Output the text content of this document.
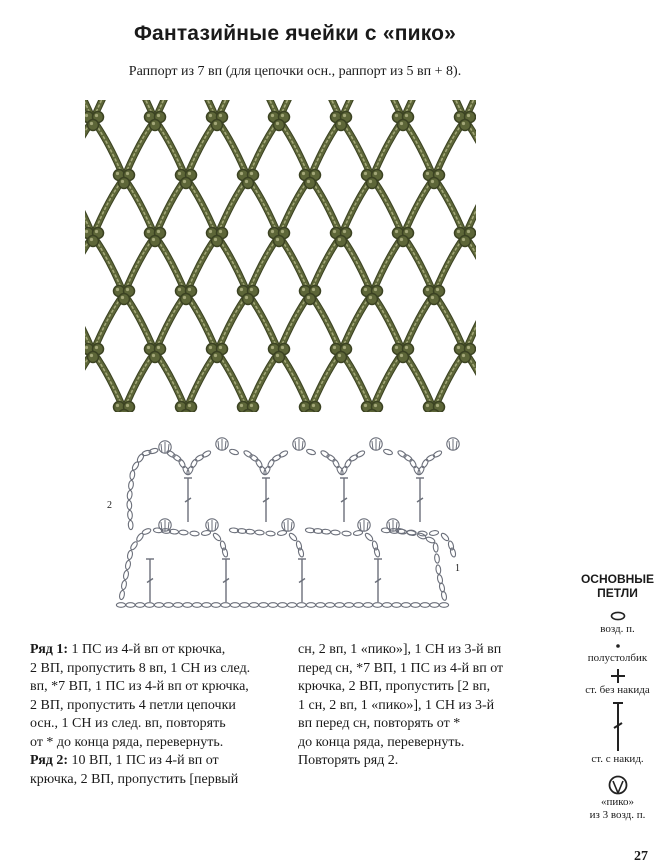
Фантазийные ячейки с «пико»
Раппорт из 7 вп (для цепочки осн., раппорт из 5 вп + 8).
2
1
Ряд 1: 1 ПС из 4-й вп от крючка,
2 ВП, пропустить 8 вп, 1 СН из след.
вп, *7 ВП, 1 ПС из 4-й вп от крючка,
2 ВП, пропустить 4 петли цепочки
осн., 1 СН из след. вп, повторять
от * до конца ряда, перевернуть.
Ряд 2: 10 ВП, 1 ПС из 4-й вп от
крючка, 2 ВП, пропустить [первый
сн, 2 вп, 1 «пико»], 1 СН из 3-й вп
перед сн, *7 ВП, 1 ПС из 4-й вп от
крючка, 2 ВП, пропустить [2 вп,
1 сн, 2 вп, 1 «пико»], 1 СН из 3-й
вп перед сн, повторять от *
до конца ряда, перевернуть.
Повторять ряд 2.
ОСНОВНЫЕ
ПЕТЛИ
возд. п.
полустолбик
ст. без накида
ст. с накид.
«пико»
из 3 возд. п.
27
